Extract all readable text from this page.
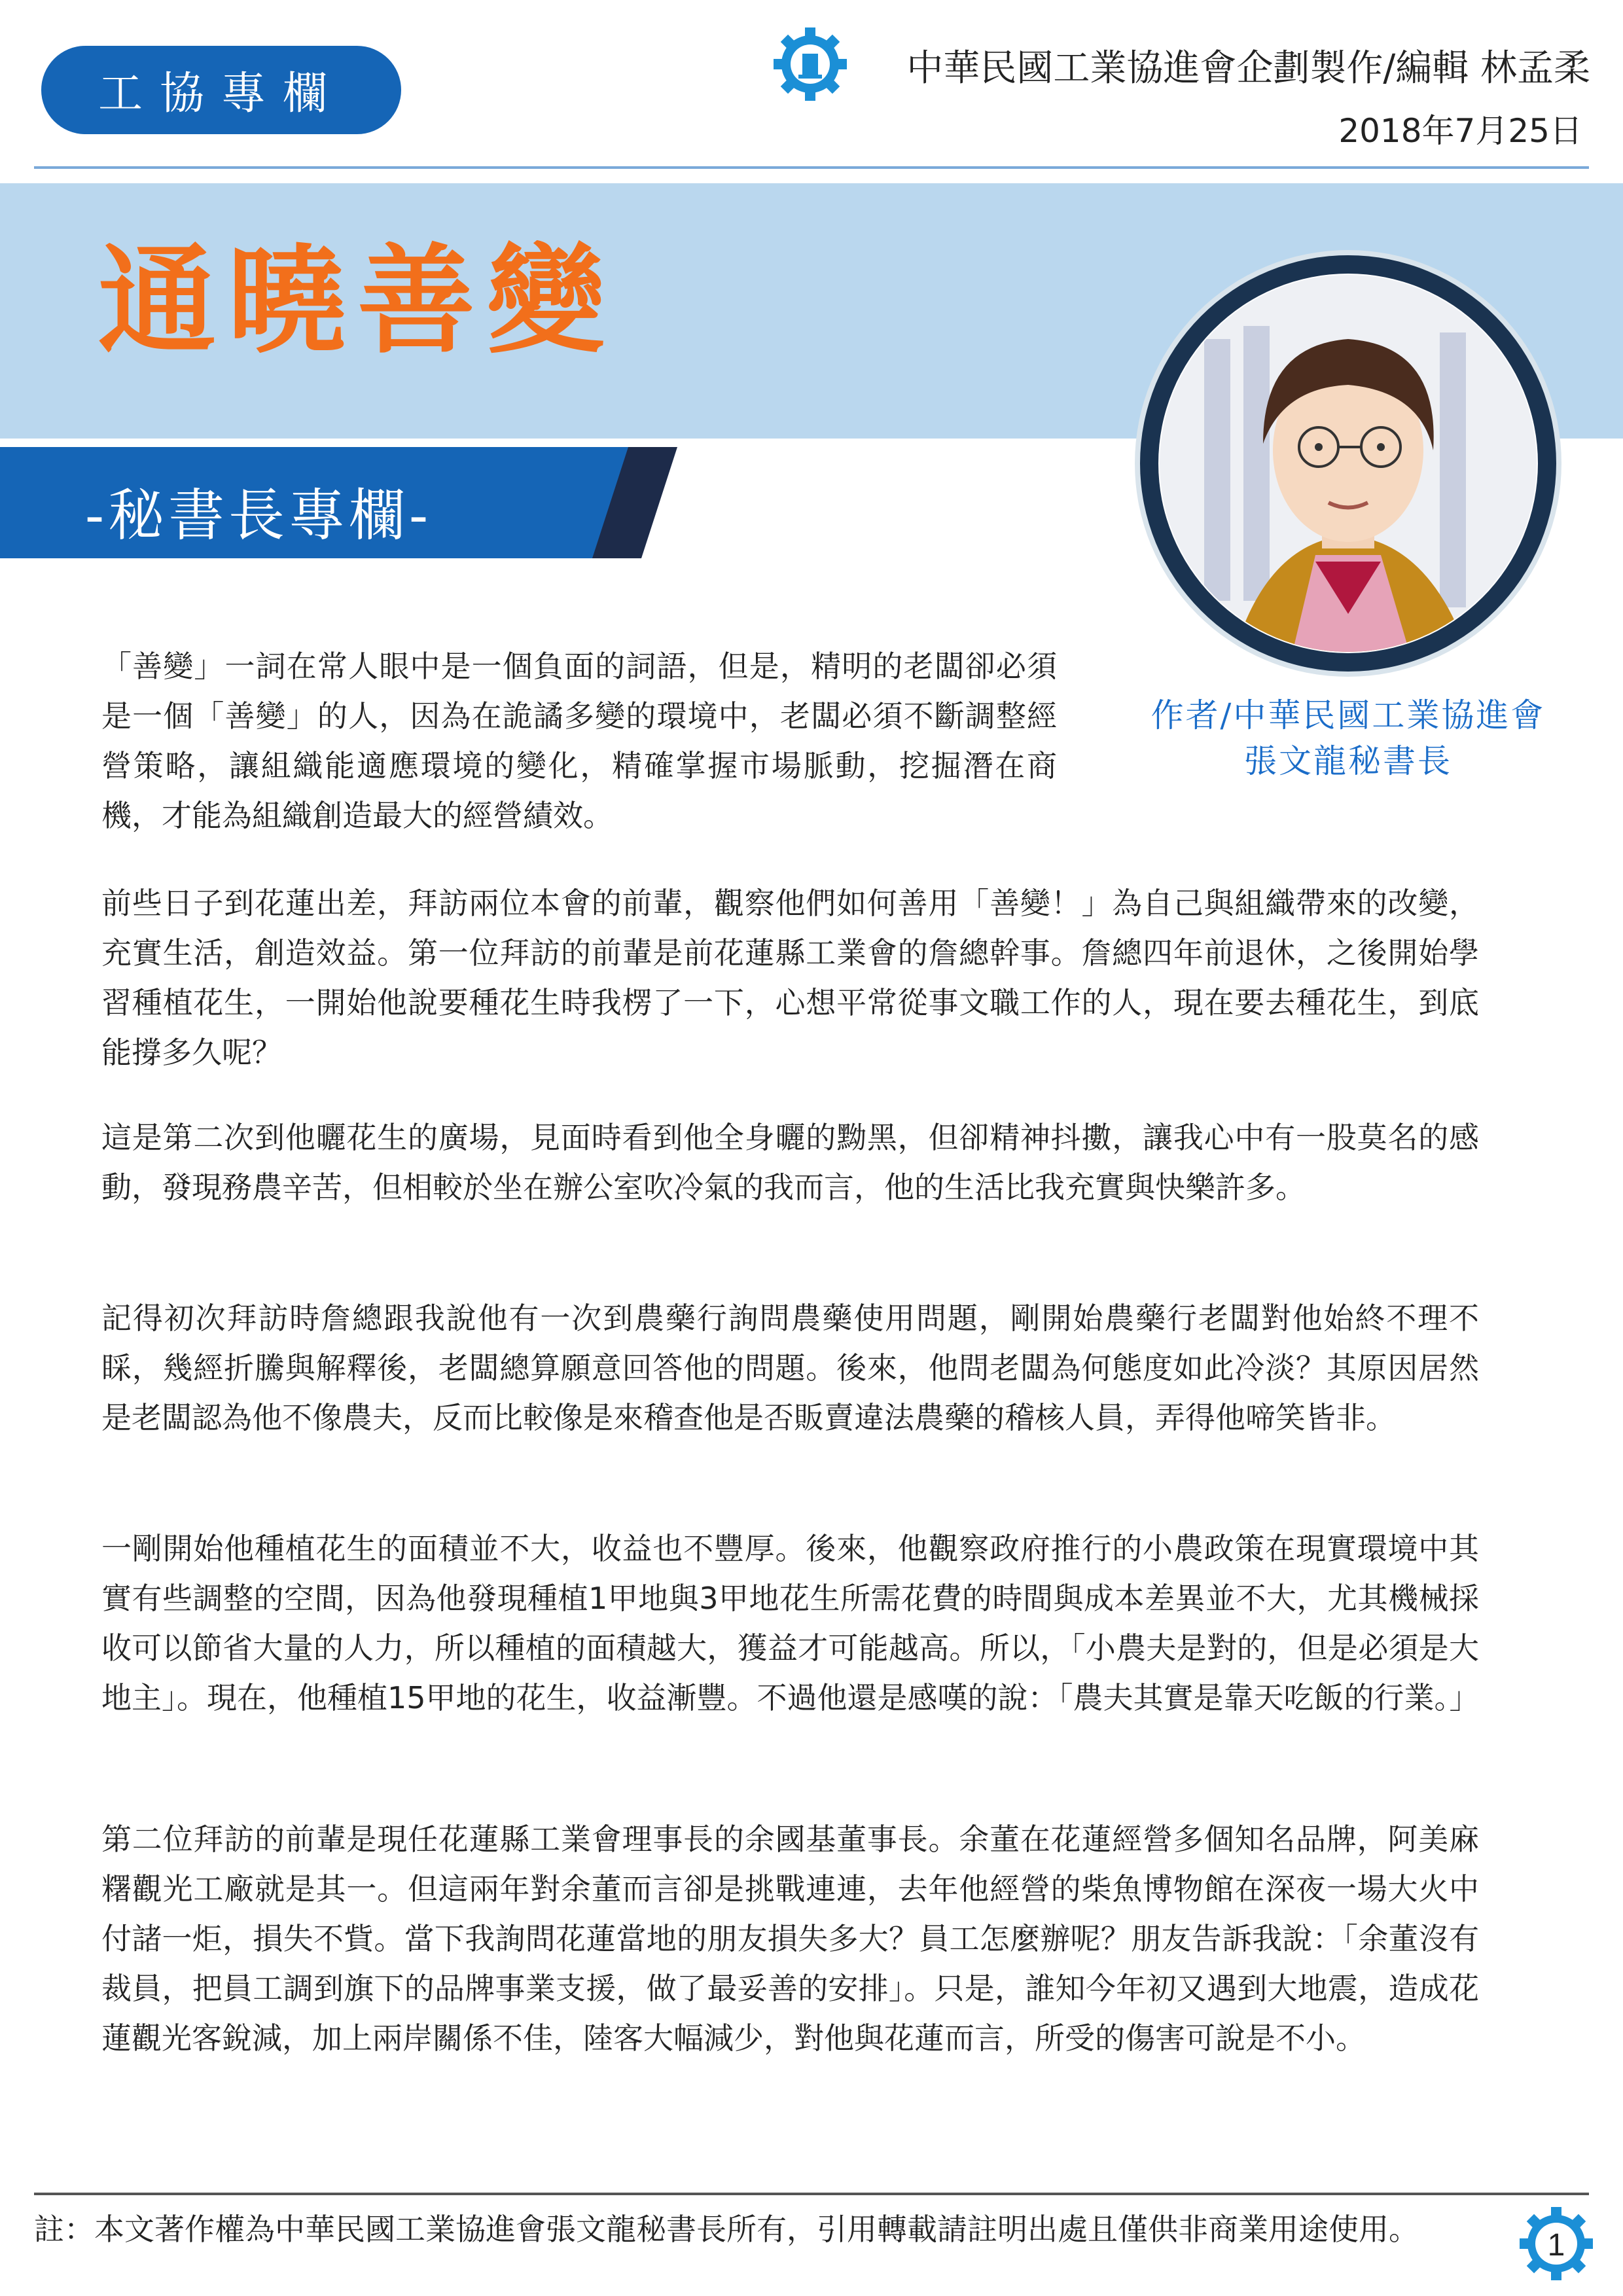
工協專欄	中華民國工業協進會企劃製作/編輯 林孟柔
2018年7月25日
通曉善變
-秘書長專欄-
作者/中華民國工業協進會
張文龍秘書長

「善變」一詞在常人眼中是一個負面的詞語，但是，精明的老闆卻必須是一個「善變」的人，因為在詭譎多變的環境中，老闆必須不斷調整經營策略，讓組織能適應環境的變化，精確掌握市場脈動，挖掘潛在商機，才能為組織創造最大的經營績效。

前些日子到花蓮出差，拜訪兩位本會的前輩，觀察他們如何善用「善變！」為自己與組織帶來的改變，充實生活，創造效益。第一位拜訪的前輩是前花蓮縣工業會的詹總幹事。詹總四年前退休，之後開始學習種植花生，一開始他說要種花生時我楞了一下，心想平常從事文職工作的人，現在要去種花生，到底能撐多久呢？

這是第二次到他曬花生的廣場，見面時看到他全身曬的黝黑，但卻精神抖擻，讓我心中有一股莫名的感動，發現務農辛苦，但相較於坐在辦公室吹冷氣的我而言，他的生活比我充實與快樂許多。

記得初次拜訪時詹總跟我說他有一次到農藥行詢問農藥使用問題，剛開始農藥行老闆對他始終不理不睬，幾經折騰與解釋後，老闆總算願意回答他的問題。後來，他問老闆為何態度如此冷淡？其原因居然是老闆認為他不像農夫，反而比較像是來稽查他是否販賣違法農藥的稽核人員，弄得他啼笑皆非。

一剛開始他種植花生的面積並不大，收益也不豐厚。後來，他觀察政府推行的小農政策在現實環境中其實有些調整的空間，因為他發現種植1甲地與3甲地花生所需花費的時間與成本差異並不大，尤其機械採收可以節省大量的人力，所以種植的面積越大，獲益才可能越高。所以，「小農夫是對的，但是必須是大地主」。現在，他種植15甲地的花生，收益漸豐。不過他還是感嘆的說：「農夫其實是靠天吃飯的行業。」

第二位拜訪的前輩是現任花蓮縣工業會理事長的余國基董事長。余董在花蓮經營多個知名品牌，阿美麻糬觀光工廠就是其一。但這兩年對余董而言卻是挑戰連連，去年他經營的柴魚博物館在深夜一場大火中付諸一炬，損失不貲。當下我詢問花蓮當地的朋友損失多大？員工怎麼辦呢？朋友告訴我說：「余董沒有裁員，把員工調到旗下的品牌事業支援，做了最妥善的安排」。只是，誰知今年初又遇到大地震，造成花蓮觀光客銳減，加上兩岸關係不佳，陸客大幅減少，對他與花蓮而言，所受的傷害可說是不小。

註：本文著作權為中華民國工業協進會張文龍秘書長所有，引用轉載請註明出處且僅供非商業用途使用。	1
